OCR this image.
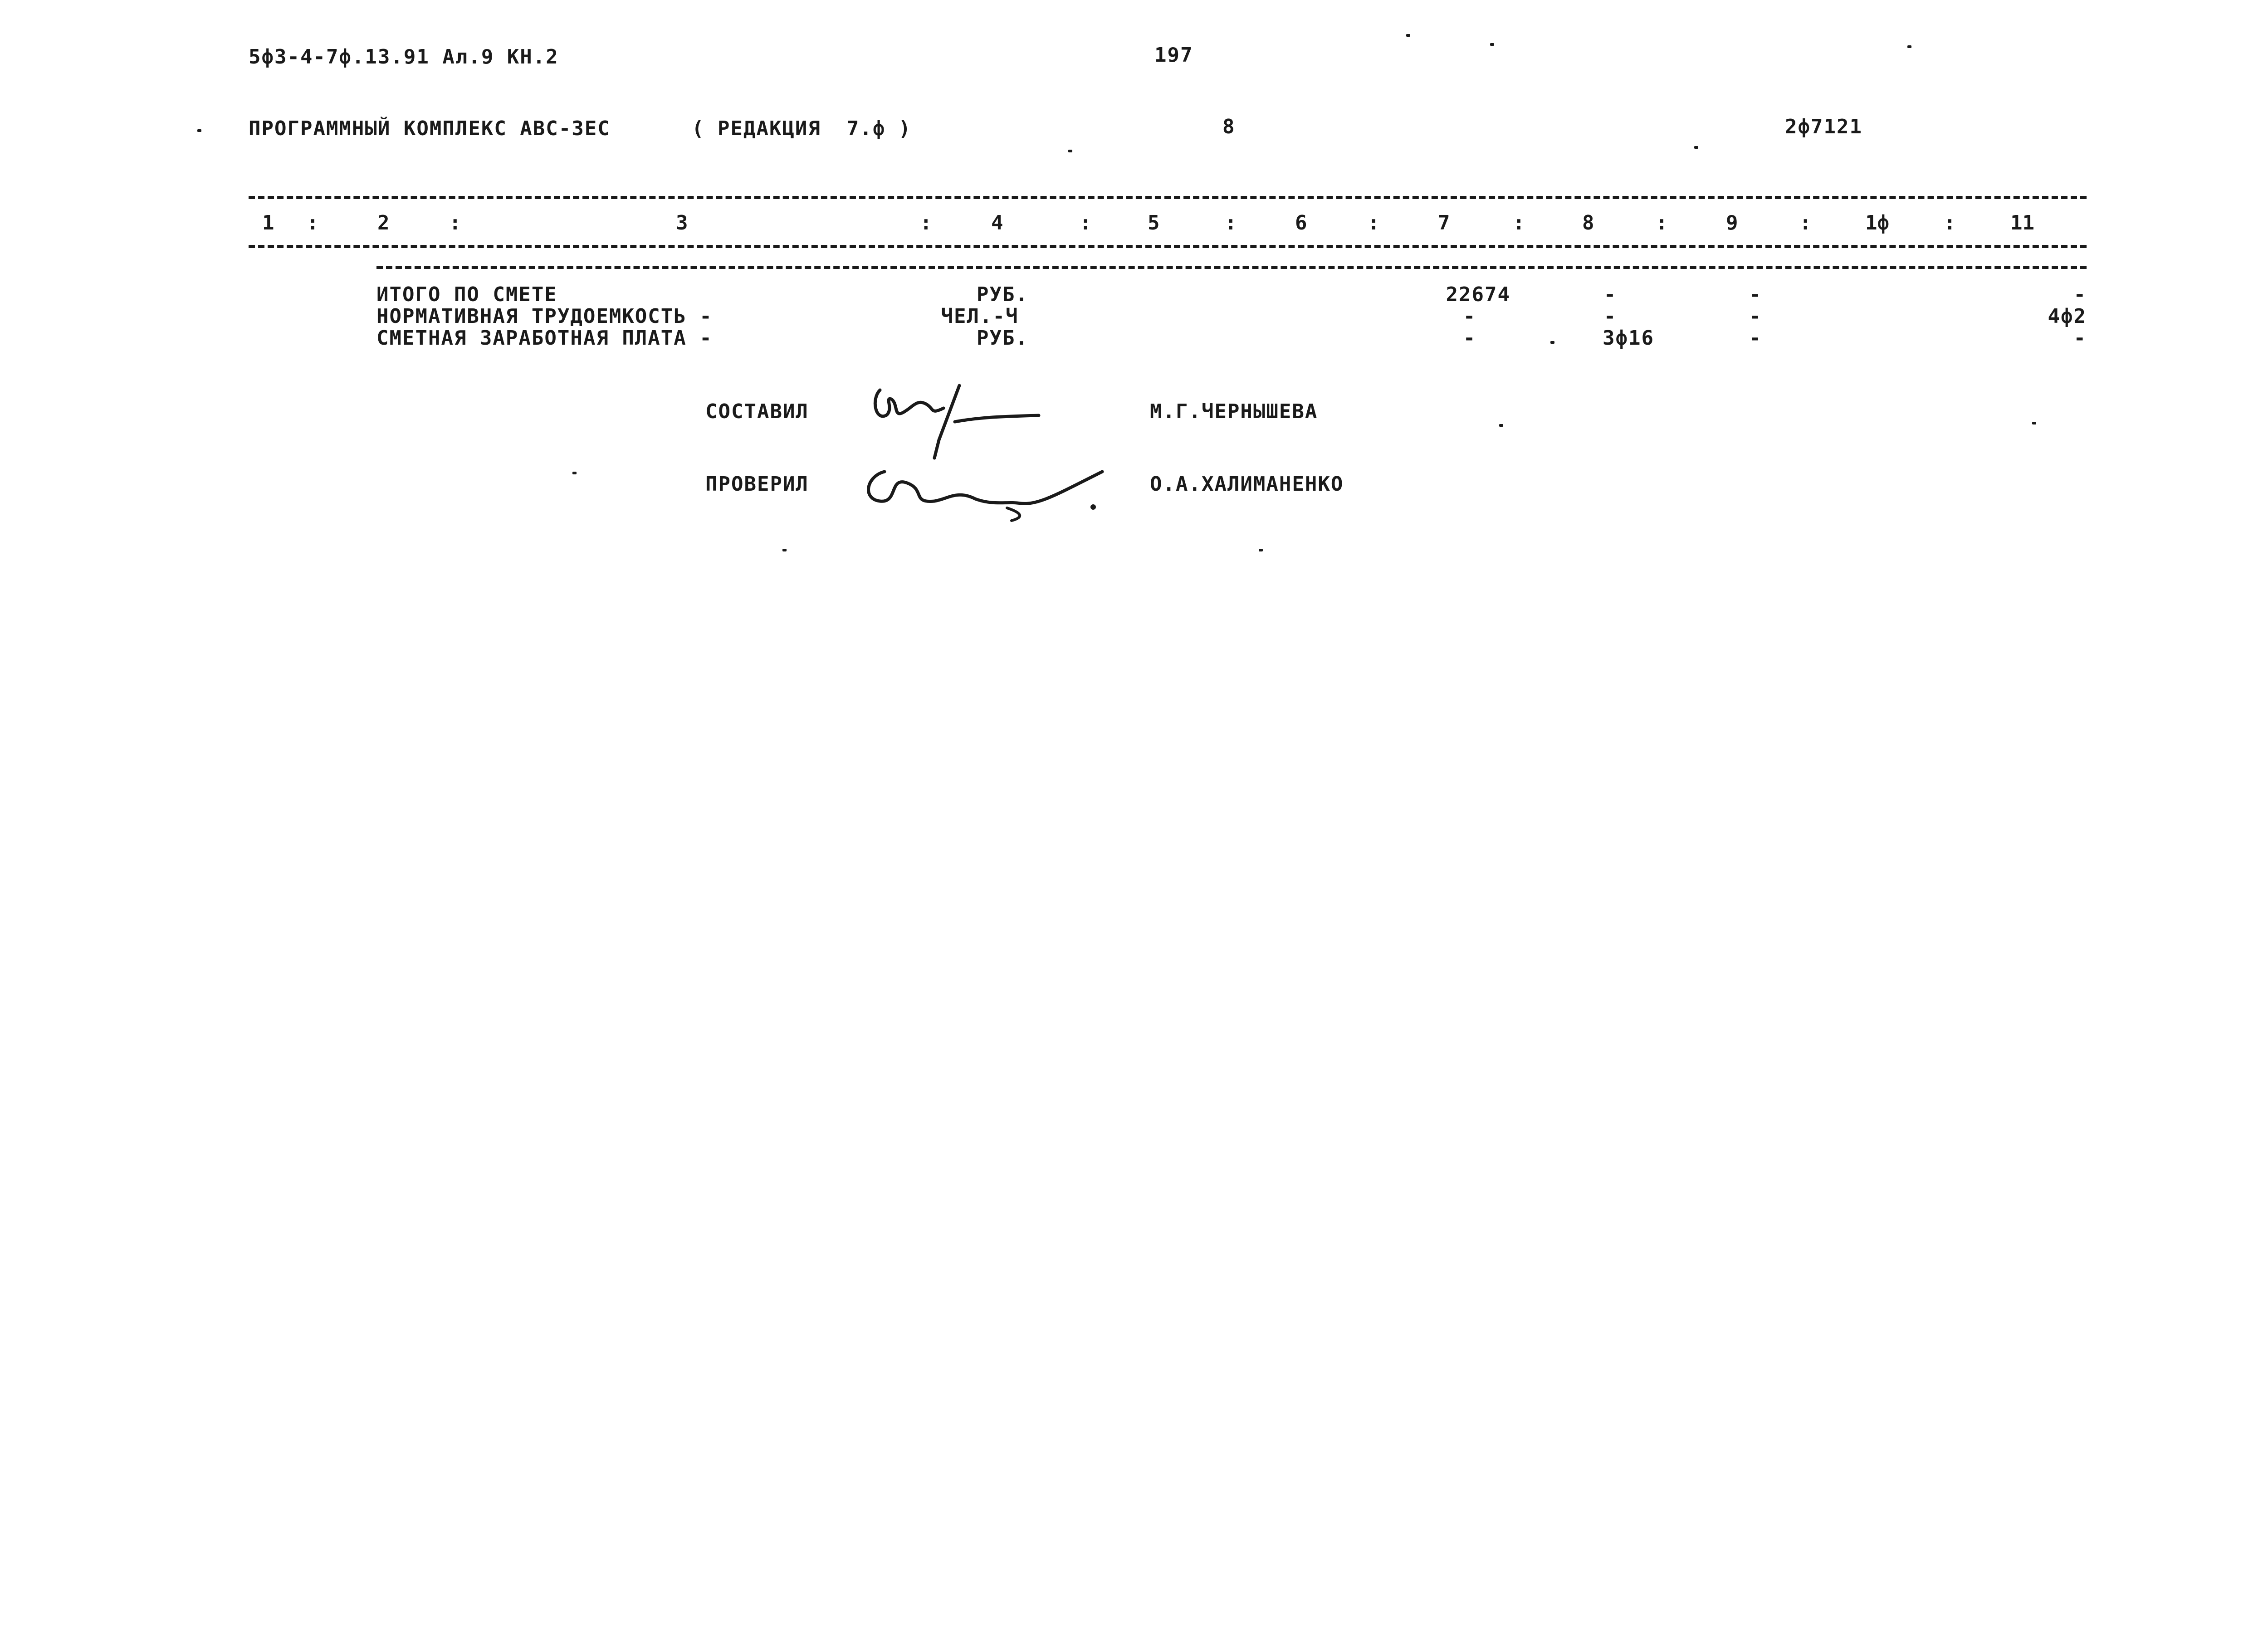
5ф3-4-7ф.13.91 Ал.9 КН.2	197
ПРОГРАММНЫЙ КОМПЛЕКС АВС-3ЕС	( РЕДАКЦИЯ  7.ф )	8	2ф7121
1 :	2	:	3	:	4	:	5	:	6	:	7	:	8	:	9	:	1ф	:	11
ИТОГО ПО СМЕТЕ	РУБ.	22674	-	-	-
НОРМАТИВНАЯ ТРУДОЕМКОСТЬ -	ЧЕЛ.-Ч	-	-	-	4ф2
СМЕТНАЯ ЗАРАБОТНАЯ ПЛАТА -	РУБ.	-	3ф16	-	-
СОСТАВИЛ	М.Г.ЧЕРНЫШЕВА
ПРОВЕРИЛ	О.А.ХАЛИМАНЕНКО
